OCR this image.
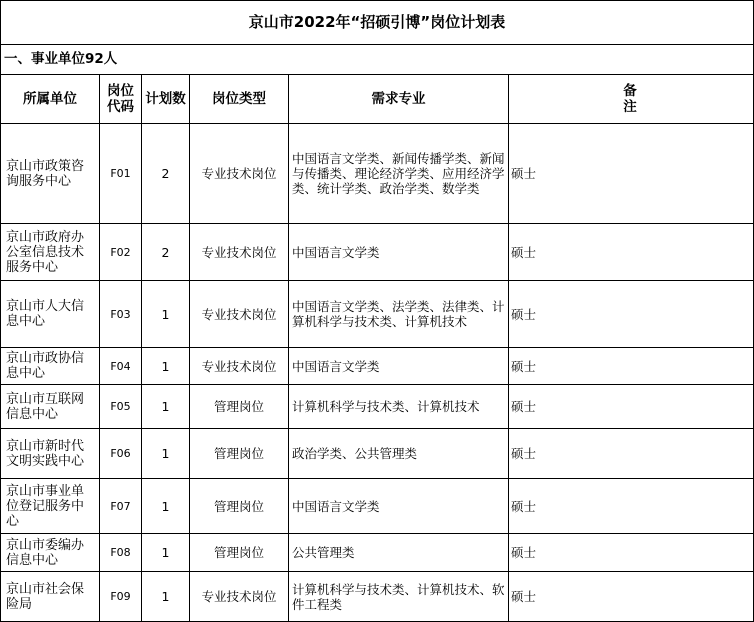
京山市2022年“招硕引博”岗位计划表					
一、事业单位92人					
所属单位	岗位代码	计划数	岗位类型	需求专业	备 注
京山市政策咨询服务中心	F01	2	专业技术岗位	中国语言文学类、新闻传播学类、新闻与传播类、理论经济学类、应用经济学类、统计学类、政治学类、数学类	硕士
京山市政府办公室信息技术服务中心	F02	2	专业技术岗位	中国语言文学类	硕士
京山市人大信息中心	F03	1	专业技术岗位	中国语言文学类、法学类、法律类、计算机科学与技术类、计算机技术	硕士
京山市政协信息中心	F04	1	专业技术岗位	中国语言文学类	硕士
京山市互联网信息中心	F05	1	管理岗位	计算机科学与技术类、计算机技术	硕士
京山市新时代文明实践中心	F06	1	管理岗位	政治学类、公共管理类	硕士
京山市事业单位登记服务中心	F07	1	管理岗位	中国语言文学类	硕士
京山市委编办信息中心	F08	1	管理岗位	公共管理类	硕士
京山市社会保险局	F09	1	专业技术岗位	计算机科学与技术类、计算机技术、软件工程类	硕士
